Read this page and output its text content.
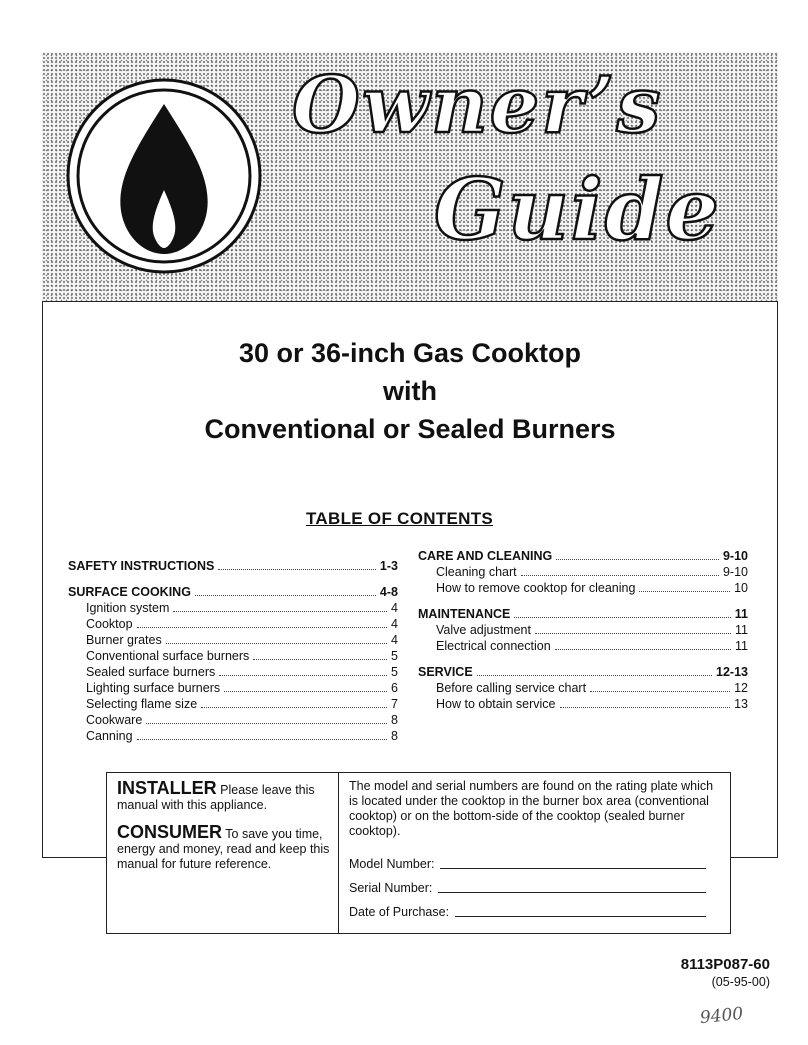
Owner’s
Guide
30 or 36-inch Gas Cooktop
with
Conventional or Sealed Burners
TABLE OF CONTENTS
SAFETY INSTRUCTIONS	1-3
SURFACE COOKING	4-8
Ignition system	4
Cooktop	4
Burner grates	4
Conventional surface burners	5
Sealed surface burners	5
Lighting surface burners	6
Selecting flame size	7
Cookware	8
Canning	8
CARE AND CLEANING	9-10
Cleaning chart	9-10
How to remove cooktop for cleaning	10
MAINTENANCE	11
Valve adjustment	11
Electrical connection	11
SERVICE	12-13
Before calling service chart	12
How to obtain service	13
INSTALLER Please leave this manual with this appliance.
CONSUMER To save you time, energy and money, read and keep this manual for future reference.
The model and serial numbers are found on the rating plate which is located under the cooktop in the burner box area (conventional cooktop) or on the bottom-side of the cooktop (sealed burner cooktop).
Model Number:
Serial Number:
Date of Purchase:
8113P087-60
(05-95-00)
9400
